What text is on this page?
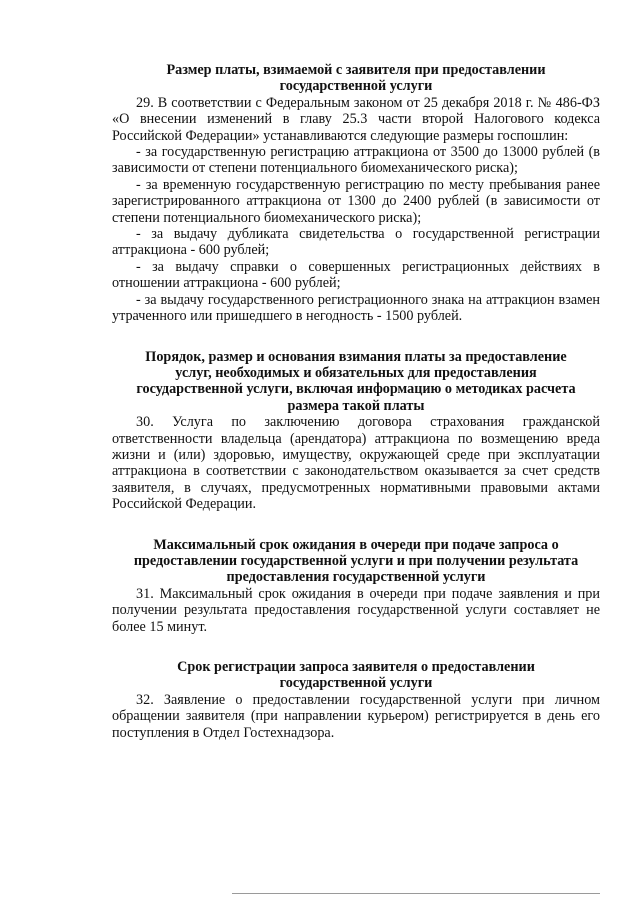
Размер платы, взимаемой с заявителя при предоставлении

государственной услуги

29. В соответствии с Федеральным законом от 25 декабря 2018 г. № 486-ФЗ «О внесении изменений в главу 25.3 части второй Налогового кодекса Российской Федерации» устанавливаются следующие размеры госпошлин:

- за государственную регистрацию аттракциона от 3500 до 13000 рублей (в зависимости от степени потенциального биомеханического риска);

- за временную государственную регистрацию по месту пребывания ранее зарегистрированного аттракциона от 1300 до 2400 рублей (в зависимости от степени потенциального биомеханического риска);

- за выдачу дубликата свидетельства о государственной регистрации аттракциона - 600 рублей;

- за выдачу справки о совершенных регистрационных действиях в отношении аттракциона - 600 рублей;

- за выдачу государственного регистрационного знака на аттракцион взамен утраченного или пришедшего в негодность - 1500 рублей.

Порядок, размер и основания взимания платы за предоставление

услуг, необходимых и обязательных для предоставления

государственной услуги, включая информацию о методиках расчета

размера такой платы

30. Услуга по заключению договора страхования гражданской ответственности владельца (арендатора) аттракциона по возмещению вреда жизни и (или) здоровью, имуществу, окружающей среде при эксплуатации аттракциона в соответствии с законодательством оказывается за счет средств заявителя, в случаях, предусмотренных нормативными правовыми актами Российской Федерации.

Максимальный срок ожидания в очереди при подаче запроса о

предоставлении государственной услуги и при получении результата

предоставления государственной услуги

31. Максимальный срок ожидания в очереди при подаче заявления и при получении результата предоставления государственной услуги составляет не более 15 минут.

Срок регистрации запроса заявителя о предоставлении

государственной услуги

32. Заявление о предоставлении государственной услуги при личном обращении заявителя (при направлении курьером) регистрируется в день его поступления в Отдел Гостехнадзора.
